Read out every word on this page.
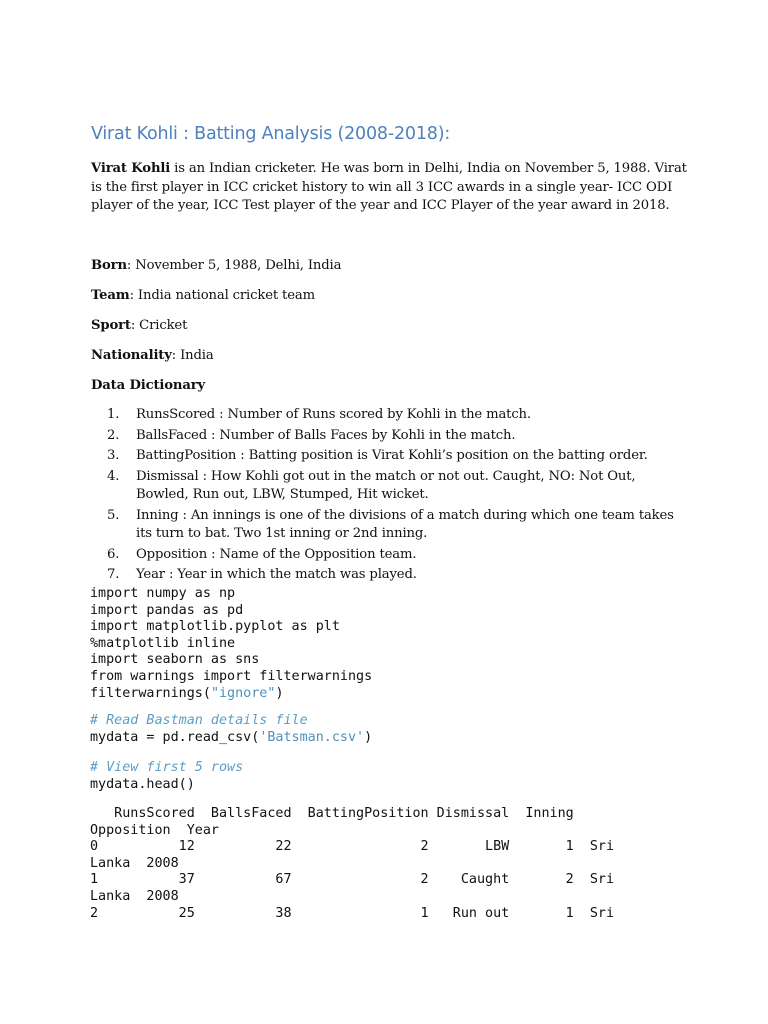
Virat Kohli : Batting Analysis (2008-2018):

Virat Kohli is an Indian cricketer. He was born in Delhi, India on November 5, 1988. Virat is the first player in ICC cricket history to win all 3 ICC awards in a single year- ICC ODI player of the year, ICC Test player of the year and ICC Player of the year award in 2018.

Born: November 5, 1988, Delhi, India

Team: India national cricket team

Sport: Cricket

Nationality: India

Data Dictionary

1. RunsScored : Number of Runs scored by Kohli in the match.
2. BallsFaced : Number of Balls Faces by Kohli in the match.
3. BattingPosition : Batting position is Virat Kohli’s position on the batting order.
4. Dismissal : How Kohli got out in the match or not out. Caught, NO: Not Out, Bowled, Run out, LBW, Stumped, Hit wicket.
5. Inning : An innings is one of the divisions of a match during which one team takes its turn to bat. Two 1st inning or 2nd inning.
6. Opposition : Name of the Opposition team.
7. Year : Year in which the match was played.
import numpy as np
import pandas as pd
import matplotlib.pyplot as plt
%matplotlib inline
import seaborn as sns
from warnings import filterwarnings
filterwarnings("ignore")
# Read Bastman details file
mydata = pd.read_csv('Batsman.csv')
# View first 5 rows
mydata.head()
RunsScored  BallsFaced  BattingPosition Dismissal  Inning
Opposition  Year
0          12          22                2       LBW       1  Sri
Lanka  2008
1          37          67                2    Caught       2  Sri
Lanka  2008
2          25          38                1   Run out       1  Sri
